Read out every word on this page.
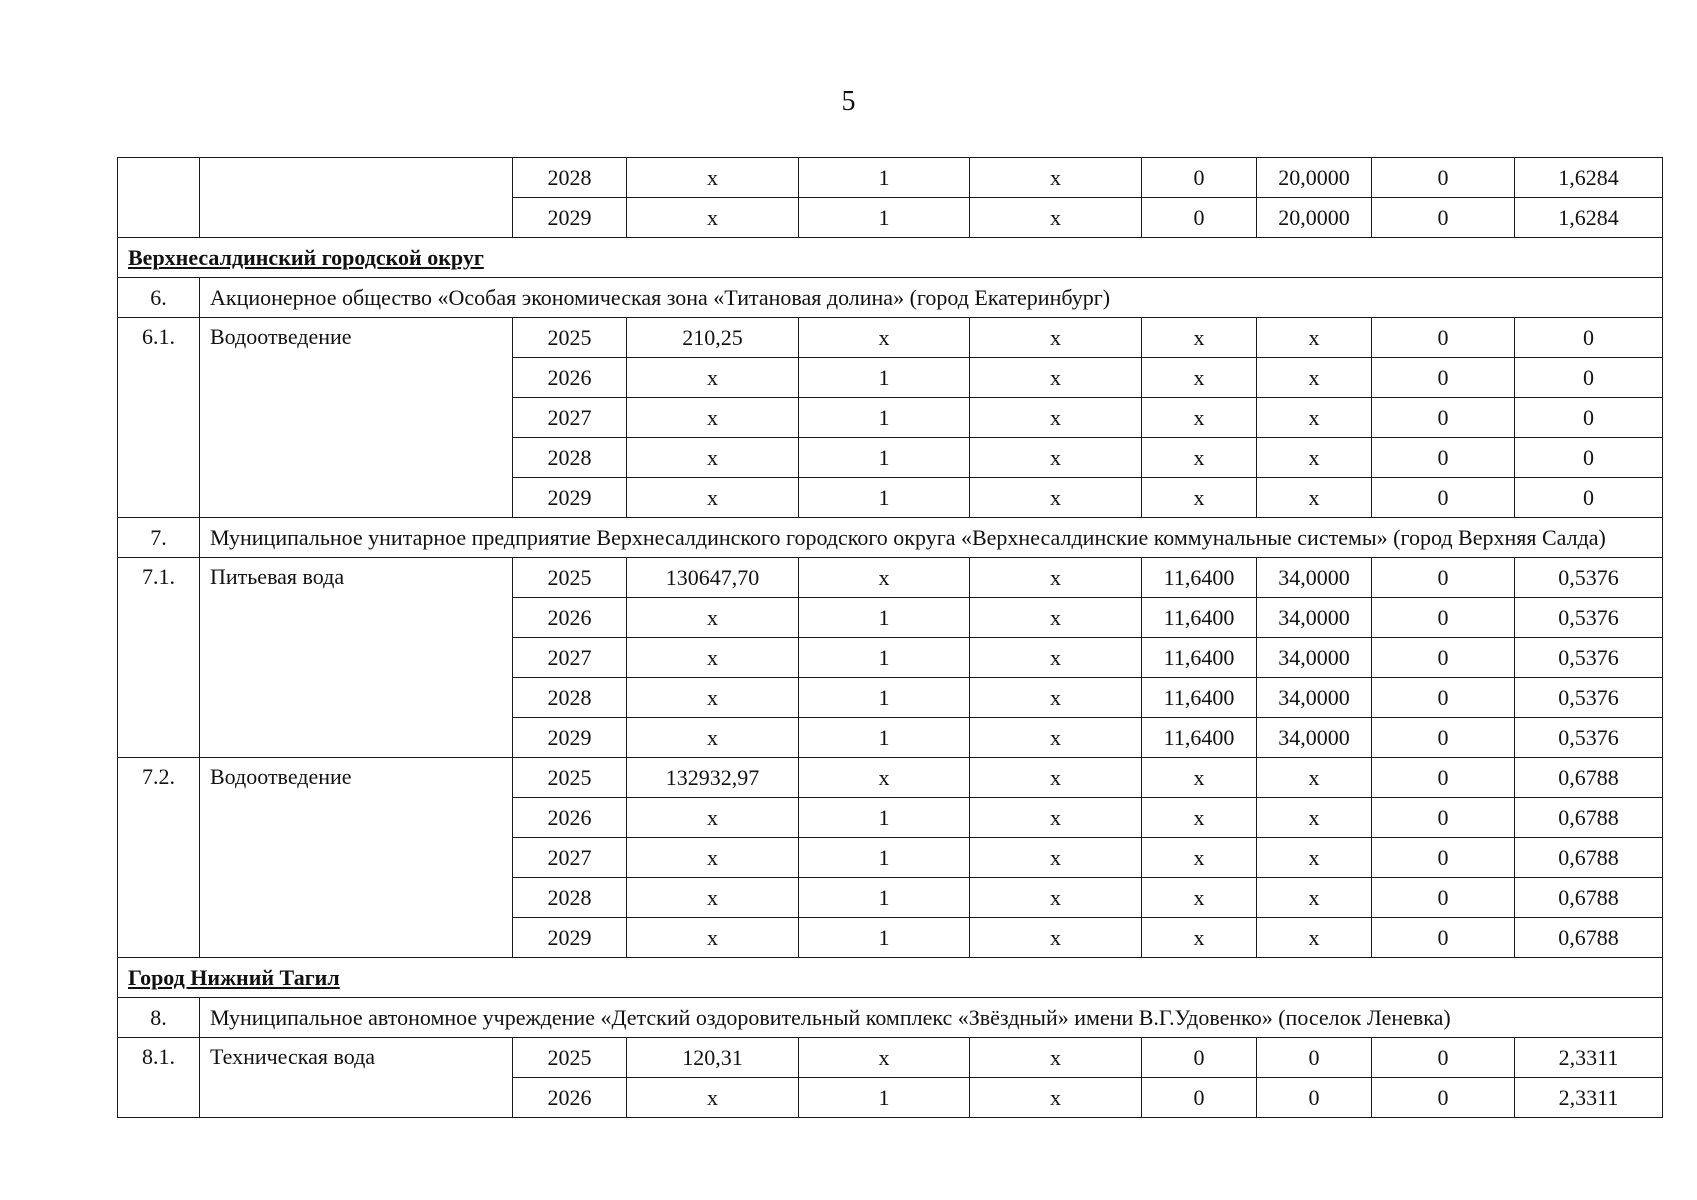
5
		2028	x	1	x	0	20,0000	0	1,6284
		2029	x	1	x	0	20,0000	0	1,6284
Верхнесалдинский городской округ									
6.	Акционерное общество «Особая экономическая зона «Титановая долина» (город Екатеринбург)								
6.1.	Водоотведение	2025	210,25	x	x	x	x	0	0
		2026	x	1	x	x	x	0	0
		2027	x	1	x	x	x	0	0
		2028	x	1	x	x	x	0	0
		2029	x	1	x	x	x	0	0
7.	Муниципальное унитарное предприятие Верхнесалдинского городского округа «Верхнесалдинские коммунальные системы» (город Верхняя Салда)								
7.1.	Питьевая вода	2025	130647,70	x	x	11,6400	34,0000	0	0,5376
		2026	x	1	x	11,6400	34,0000	0	0,5376
		2027	x	1	x	11,6400	34,0000	0	0,5376
		2028	x	1	x	11,6400	34,0000	0	0,5376
		2029	x	1	x	11,6400	34,0000	0	0,5376
7.2.	Водоотведение	2025	132932,97	x	x	x	x	0	0,6788
		2026	x	1	x	x	x	0	0,6788
		2027	x	1	x	x	x	0	0,6788
		2028	x	1	x	x	x	0	0,6788
		2029	x	1	x	x	x	0	0,6788
Город Нижний Тагил									
8.	Муниципальное автономное учреждение «Детский оздоровительный комплекс «Звёздный» имени В.Г.Удовенко» (поселок Леневка)								
8.1.	Техническая вода	2025	120,31	x	x	0	0	0	2,3311
		2026	x	1	x	0	0	0	2,3311
